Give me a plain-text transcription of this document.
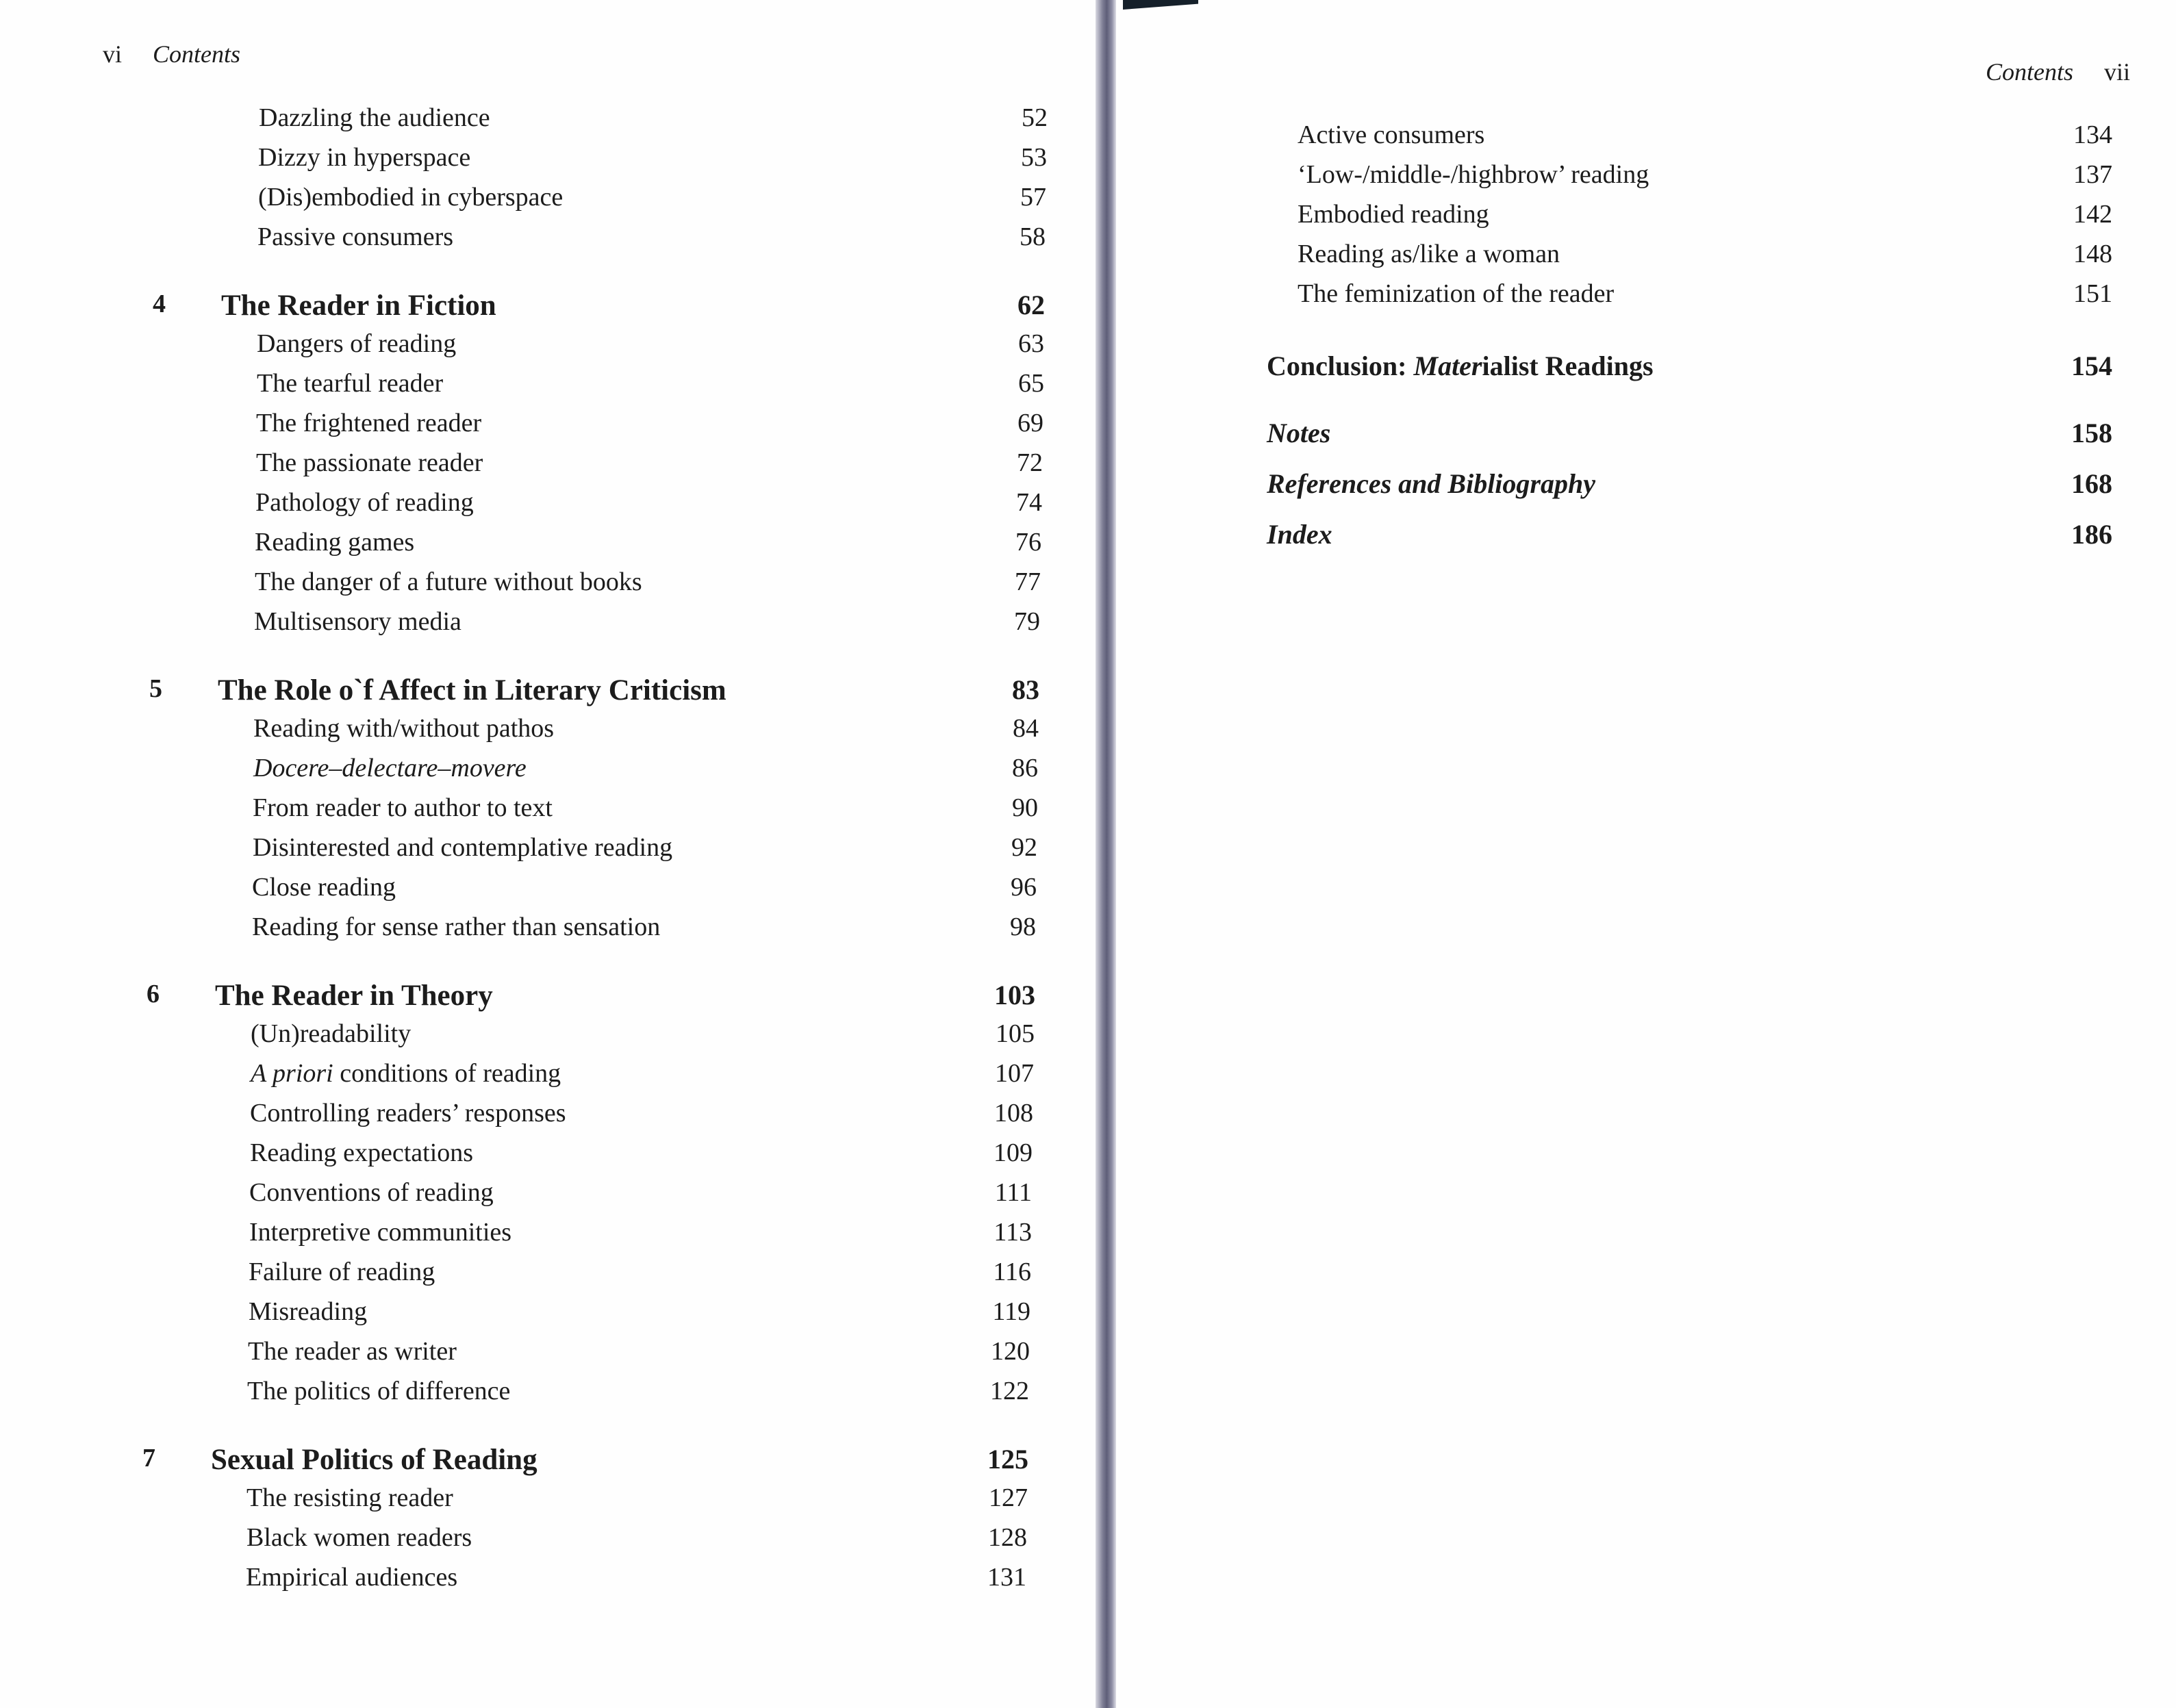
vi Contents
Contents vii
Dazzling the audience	52
Dizzy in hyperspace	53
(Dis)embodied in cyberspace	57
Passive consumers	58
4 The Reader in Fiction	62
Dangers of reading	63
The tearful reader	65
The frightened reader	69
The passionate reader	72
Pathology of reading	74
Reading games	76
The danger of a future without books	77
Multisensory media	79
5 The Role o`f Affect in Literary Criticism	83
Reading with/without pathos	84
Docere–delectare–movere	86
From reader to author to text	90
Disinterested and contemplative reading	92
Close reading	96
Reading for sense rather than sensation	98
6 The Reader in Theory	103
(Un)readability	105
A priori conditions of reading	107
Controlling readers’ responses	108
Reading expectations	109
Conventions of reading	111
Interpretive communities	113
Failure of reading	116
Misreading	119
The reader as writer	120
The politics of difference	122
7 Sexual Politics of Reading	125
The resisting reader	127
Black women readers	128
Empirical audiences	131
Active consumers	134
‘Low-/middle-/highbrow’ reading	137
Embodied reading	142
Reading as/like a woman	148
The feminization of the reader	151
Conclusion: Materialist Readings	154
Notes	158
References and Bibliography	168
Index	186
